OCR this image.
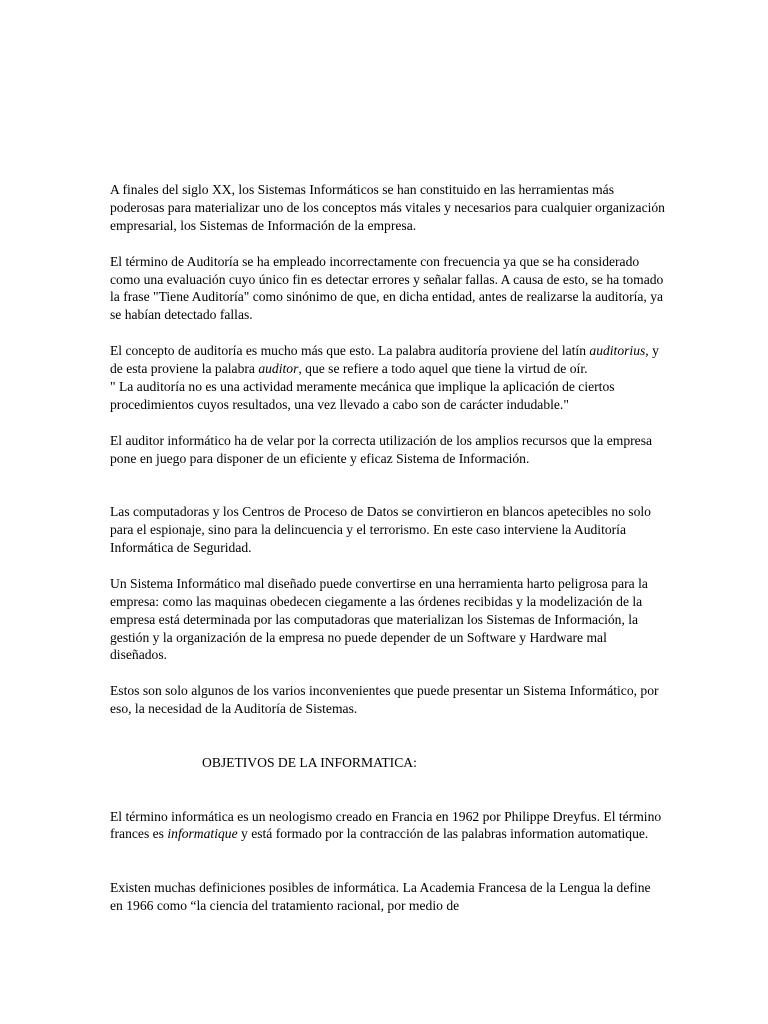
A finales del siglo XX, los Sistemas Informáticos se han constituido en las herramientas más poderosas para materializar uno de los conceptos más vitales y necesarios para cualquier organización empresarial, los Sistemas de Información de la empresa.

El término de Auditoría se ha empleado incorrectamente con frecuencia ya que se ha considerado como una evaluación cuyo único fin es detectar errores y señalar fallas. A causa de esto, se ha tomado la frase "Tiene Auditoría" como sinónimo de que, en dicha entidad, antes de realizarse la auditoría, ya se habían detectado fallas.

El concepto de auditoría es mucho más que esto. La palabra auditoría proviene del latín auditorius, y de esta proviene la palabra auditor, que se refiere a todo aquel que tiene la virtud de oír.

" La auditoría no es una actividad meramente mecánica que implique la aplicación de ciertos procedimientos cuyos resultados, una vez llevado a cabo son de carácter indudable."

El auditor informático ha de velar por la correcta utilización de los amplios recursos que la empresa pone en juego para disponer de un eficiente y eficaz Sistema de Información.

Las computadoras y los Centros de Proceso de Datos se convirtieron en blancos apetecibles no solo para el espionaje, sino para la delincuencia y el terrorismo. En este caso interviene la Auditoría Informática de Seguridad.

Un Sistema Informático mal diseñado puede convertirse en una herramienta harto peligrosa para la empresa: como las maquinas obedecen ciegamente a las órdenes recibidas y la modelización de la empresa está determinada por las computadoras que materializan los Sistemas de Información, la gestión y la organización de la empresa no puede depender de un Software y Hardware mal diseñados.

Estos son solo algunos de los varios inconvenientes que puede presentar un Sistema Informático, por eso, la necesidad de la Auditoría de Sistemas.

OBJETIVOS DE LA INFORMATICA:

El término informática es un neologismo creado en Francia en 1962 por Philippe Dreyfus. El término frances es informatique y está formado por la contracción de las palabras information automatique.

Existen muchas definiciones posibles de informática. La Academia Francesa de la Lengua la define en 1966 como “la ciencia del tratamiento racional, por medio de
